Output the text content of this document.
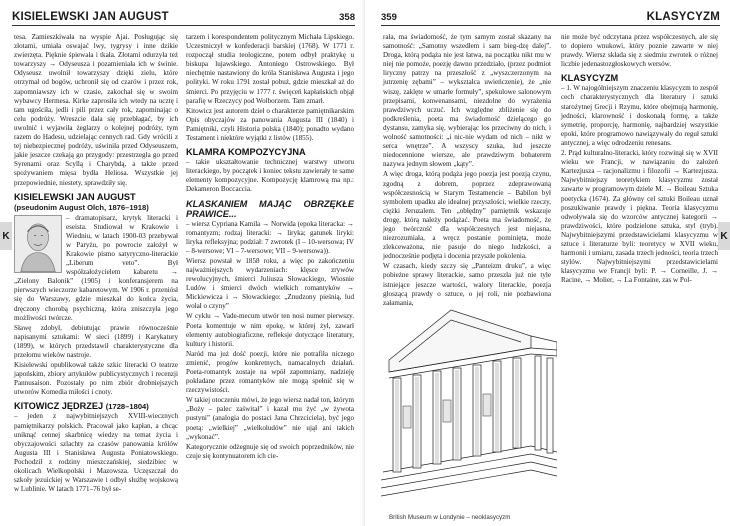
KISIELEWSKI JAN AUGUST	358
K

tesa. Zamieszkiwała na wyspie Ajai. Posługując się złotami, umiała oswajać lwy, tygrysy i inne dzikie zwierzęta. Pięknie śpiewała i tkała. Złotami odurzyła też towarzyszy → Odyseusza i pozamieniała ich w świnie. Odyseusz uwolnił towarzyszy dzięki zielu, które otrzymał od bogów, uchronił się od czarów i przez rok, zapomniawszy ich w czasie, zakochał się w swoim wybawcy Hermesa. Kirke zaprosiła ich wtedy na ucztę i tam ugościła, jedli i pili przez cały rok, zapominając o celu podróży. Wreszcie dała się przebłagać, by ich uwolnić i wyjawiła żeglarzy o kolejnej podróży, tym razem do Hadesu, udzielając cennych rad. Gdy wrócili z tej niebezpiecznej podróży, uświniła przed Odyseuszem, jakie jeszcze czekają go przygody: przestrzegła go przed Syrenami oraz Scyllą i Charybdą, a także przed spożywaniem mięsa bydła Heliosa. Wszystkie jej przepowiednie, niestety, sprawdziły się.

KISIELEWSKI JAN AUGUST
(pseudonim August Olch, 1876–1918)

– dramatopisarz, krytyk literacki i eseista. Studiował w Krakowie i Wiedniu, w latach 1900-03 przebywał w Paryżu, po powrocie założył w Krakowie pismo satyryczno-literackie „Liberum veto”. Był współzałożycielem kabaretu → „Zielony Balonik” (1905) i konferansjerem na pierwszych wieczorze kabaretowym. W 1906 r. przeniósł się do Warszawy, gdzie mieszkał do końca życia, dręczony chorobą psychiczną, która zniszczyła jego możliwości twórcze.

Sławę zdobył, debiutując prawie równocześnie napisanymi sztukami: W sieci (1899) i Karykatury (1899), w których przedstawił charakterystyczne dla przełomu wieków nastroje.

Kisielewski opublikował także szkic literacki O teatrze japońskim, zbiory artykułów publicystycznych i recenzji Pannusaison. Pozostały po nim zbiór drobniejszych utworów Komedia miłości i cnoty.

KITOWICZ JĘDRZEJ (1728–1804)

– jeden z najwybitniejszych XVIII-wiecznych pamiętnikarzy polskich. Pracował jako kapłan, a chcąc uniknąć cennej skarbnicę wiedzy na temat życia i obyczajowości szlachty za czasów panowania królów Augusta III i Stanisława Augusta Poniatowskiego. Pochodził z rodziny mieszczańskiej, siedzibiec w okolicach Wielkopolski i Mazowsza. Uczęszczał do szkoły jezuickiej w Warszawie i odbył służbę wojskową w Lublinie. W latach 1771–76 był se-

tarzem i korespondentem politycznym Michała Lipskiego. Uczestniczył w konfederacji barskiej (1768). W 1771 r. rozpoczął studia teologiczne, potem odbył praktykę u biskupa lujawskiego. Antoniego Ostrowskiego. Był niechętnie nastawiony do króla Stanisława Augusta i jego polityki. W roku 1791 został pobuż, gdzie mieszkał aż do śmierci. Po przyjęciu w 1777 r. święceń kapłańskich objął parafię w Rzeczycy pod Wolborzem. Tam zmarł.

Kitowicz jest autorem dzieł o charakterze pamiętnikarskim Opis obyczajów za panowania Augusta III (1840) i Pamiętniki, czyli Historia polska (1840); ponadto wydano Testament i niektóre wyjątki z listów (1855).

KLAMRA KOMPOZYCYJNA

– takie ukształtowanie technicznej warstwy utworu literackiego, by początek i koniec tekstu zawierały te same elementy kompozycyjne. Kompozycję klamrową ma np.: Dekameron Boccaccia.

KLASKANIEM MAJĄC OBRZĘKŁE PRAWICE...

– wiersz Cypriana Kamila → Norwida (epoka literacka: → romantyzm; rodzaj literacki: → liryka; gatunek liryki: liryka refleksyjna; podział: 7 zwrotek (I – 10-wersowa; IV – 8-wersowe; VI – 7-wersowe; VII – 9-wersowa)).

Wiersz powstał w 1858 roku, a więc po zakończeniu najważniejszych wydarzeniach: klęsce zrywów rewolucyjnych, śmierci Juliusza Słowackiego, Wiosnie Ludów i śmierci dwóch wielkich romantyków → Mickiewicza i → Słowackiego: „Znudzony pieśnią, lud wołał o czyny”

W cyklu → Vade-mecum utwór ten nosi numer pierwszy. Poeta komentuje w nim epokę, w której żył, zawarł elementy autobiograficzne, refleksje dotyczące literatury, kultury i historii.

Naród ma już dość poezji, które nie potrafiła niczego zmienić, progów konkretnych, namacalnych działań. Poeta-romantyk zostaje na wpół zapomniany, nadzieję pokładane przez romantyków nie mogą spełnić się w rzeczywistości.

W takiej otoczeniu mówi, że jego wiersz nadał ton, którym „Boży – palec zaświtał” i kazał mu żyć „w żywota pustyni” (analogia do postaci Jana Chrzciciela), być jego poetą: „wielkiej” „wielkoludów” nie ujął ani takich „wykonać”.

Kategorycznie odżegnuje się od swoich poprzedników, nie czuje się kontynuatorem ich cie-

359	KLASYCYZM
K

rała, ma świadomość, że tym samym został skazany na samotność: „Samotny wszedłem i sam bieg-dzę dalej”. Droga, którą podąża nie jest łatwa, na początku nikt mu w niej nie pomoże, poezję dawno przedziało, (przez podmiot liryczny patrzy na przeszłość z „wyszczerzonym na jutrzenię zębami” – wykształca uwieńczenie), że „nie wiszę, zaklęte w umarłe formuły”, spekulowe salonowym przepisami, konwenansami, niezdolne do wyrażenia prawdziwych uczuć. Ich względne zbliżenie się do podkreślenia, poeta ma świadomość dzielącego go dystansu, zamyka się, wybierając los przeciwny do nich, i wolność samotności: „i nic-nie wydam od nich – nikt w serca wnętrze”. A wszyscy szuka, lud jeszcze niedocennione wiersze, ale prawdziwym bohaterem nazywa jednym słowem „kąty”.

A więc droga, którą podąża jego poezja jest poezją czynu, zgodną z dobrem, poprzez zdeprawowaną współczesnością w Starym Testamencie – Babilon był symbolem upadku ale idealnej przyszłości, wielkie rzeczy, ciężki Jeruzalem. Ten „obłędny” pamiętnik wskazuje drogę, którą należy podążać. Poeta ma świadomość, że jego twórczość dla współczesnych jest niejasna, niezrozumiała, a wręcz postanie pominięta, może zlekceważona, nie pasuje do niego ludzkości, a jednocześnie podjęta i docenia przyszłe pokolenia.

W czasach, kiedy szczy się „Panteizm druku”, a więc pobieżne sprawy literackie, samo przeszła już nie tyle istniejące jeszcze wartości, walory literackie, poezja głoszącą prawdy o sztuce, o jej roli, nie pozbawiona załamania,

British Museum w Londynie – neoklasycyzm

nie może być odczytana przez współczesnych, ale się to dopiero wnukowi, który poznie zawarte w niej prawdy. Wiersz składa się z siedmiu zwrotek o różnej liczbie jedenastozgłoskowych wersów.

KLASYCYZM

– 1. W najogólniejszym znaczeniu klasycyzm to zespół cech charakterystycznych dla literatury i sztuki starożytnej Grecji i Rzymu, które obejmują harmonię, jedności, klarowność i doskonałą formę, a także symetrię, proporcję, harmonię, najbardziej wszystkie epoki, które programowo nawiązywały do reguł sztuki antycznej, a więc odrodzeniu renesans.

2. Prąd kulturalno-literacki, który rozwinął się w XVII wieku we Francji, w nawiązaniu do założeń Kartezjusza – racjonalizmu i filozofii → Kartezjusza. Najwybitniejszy teoretykiem klasycyzmu został zawarte w programowym dziele M. → Boileau Sztuka poetycka (1674). Za główny cel sztuki Boileau uznał poszukiwanie prawdy i piękna. Teoria klasycyzmu odwoływała się do wzorców antycznej kategorii → prawdziwości, które podzielone sztuka, styl (tryb). Najwybitniejszymi przedstawicielami klasycyzmu w sztuce i literaturze byli: teoretycy w XVII wieku, harmonii i umiaru, zasada trzech jedności, teoria trzech stylów. Najwybitniejszymi przedstawicielami klasycyzmu we Francji byli: P. → Corneille, J. → Racine, → Molier, → La Fontaine, zas w Pol-
